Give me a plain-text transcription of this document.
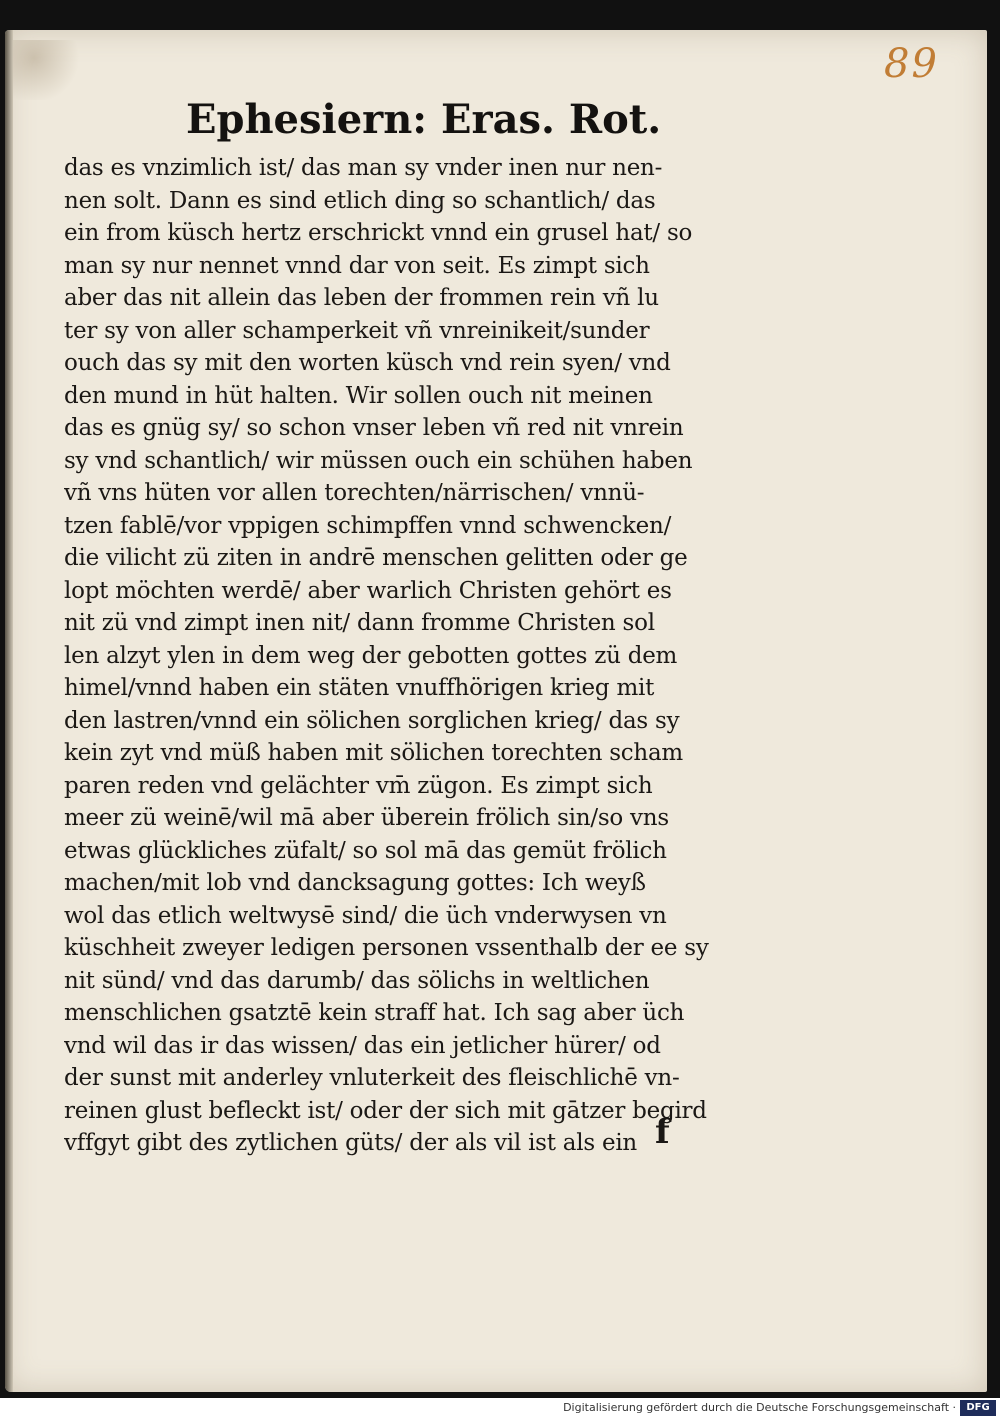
89
Ephesiern: Eras. Rot.
das es vnzimlich ist/ das man sy vnder inen nur nen-
nen solt. Dann es sind etlich ding so schantlich/ das
ein from küsch hertz erschrickt vnnd ein grusel hat/ so
man sy nur nennet vnnd dar von seit. Es zimpt sich
aber das nit allein das leben der frommen rein vñ lu
ter sy von aller schamperkeit vñ vnreinikeit/sunder
ouch das sy mit den worten küsch vnd rein syen/ vnd
den mund in hüt halten. Wir sollen ouch nit meinen
das es gnüg sy/ so schon vnser leben vñ red nit vnrein
sy vnd schantlich/ wir müssen ouch ein schühen haben
vñ vns hüten vor allen torechten/närrischen/ vnnü-
tzen fablē/vor vppigen schimpffen vnnd schwencken/
die vilicht zü ziten in andrē menschen gelitten oder ge
lopt möchten werdē/ aber warlich Christen gehört es
nit zü vnd zimpt inen nit/ dann fromme Christen sol
len alzyt ylen in dem weg der gebotten gottes zü dem
himel/vnnd haben ein stäten vnuffhörigen krieg mit
den lastren/vnnd ein sölichen sorglichen krieg/ das sy
kein zyt vnd müß haben mit sölichen torechten scham
paren reden vnd gelächter vm̄ zügon. Es zimpt sich
meer zü weinē/wil mā aber überein frölich sin/so vns
etwas glückliches züfalt/ so sol mā das gemüt frölich
machen/mit lob vnd dancksagung gottes: Ich weyß
wol das etlich weltwysē sind/ die üch vnderwysen vn
küschheit zweyer ledigen personen vssenthalb der ee sy
nit sünd/ vnd das darumb/ das sölichs in weltlichen
menschlichen gsatztē kein straff hat. Ich sag aber üch
vnd wil das ir das wissen/ das ein jetlicher hürer/ od
der sunst mit anderley vnluterkeit des fleischlichē vn-
reinen glust befleckt ist/ oder der sich mit gātzer begird
vffgyt gibt des zytlichen güts/ der als vil ist als ein f
Digitalisierung gefördert durch die Deutsche Forschungsgemeinschaft ·	DFG
